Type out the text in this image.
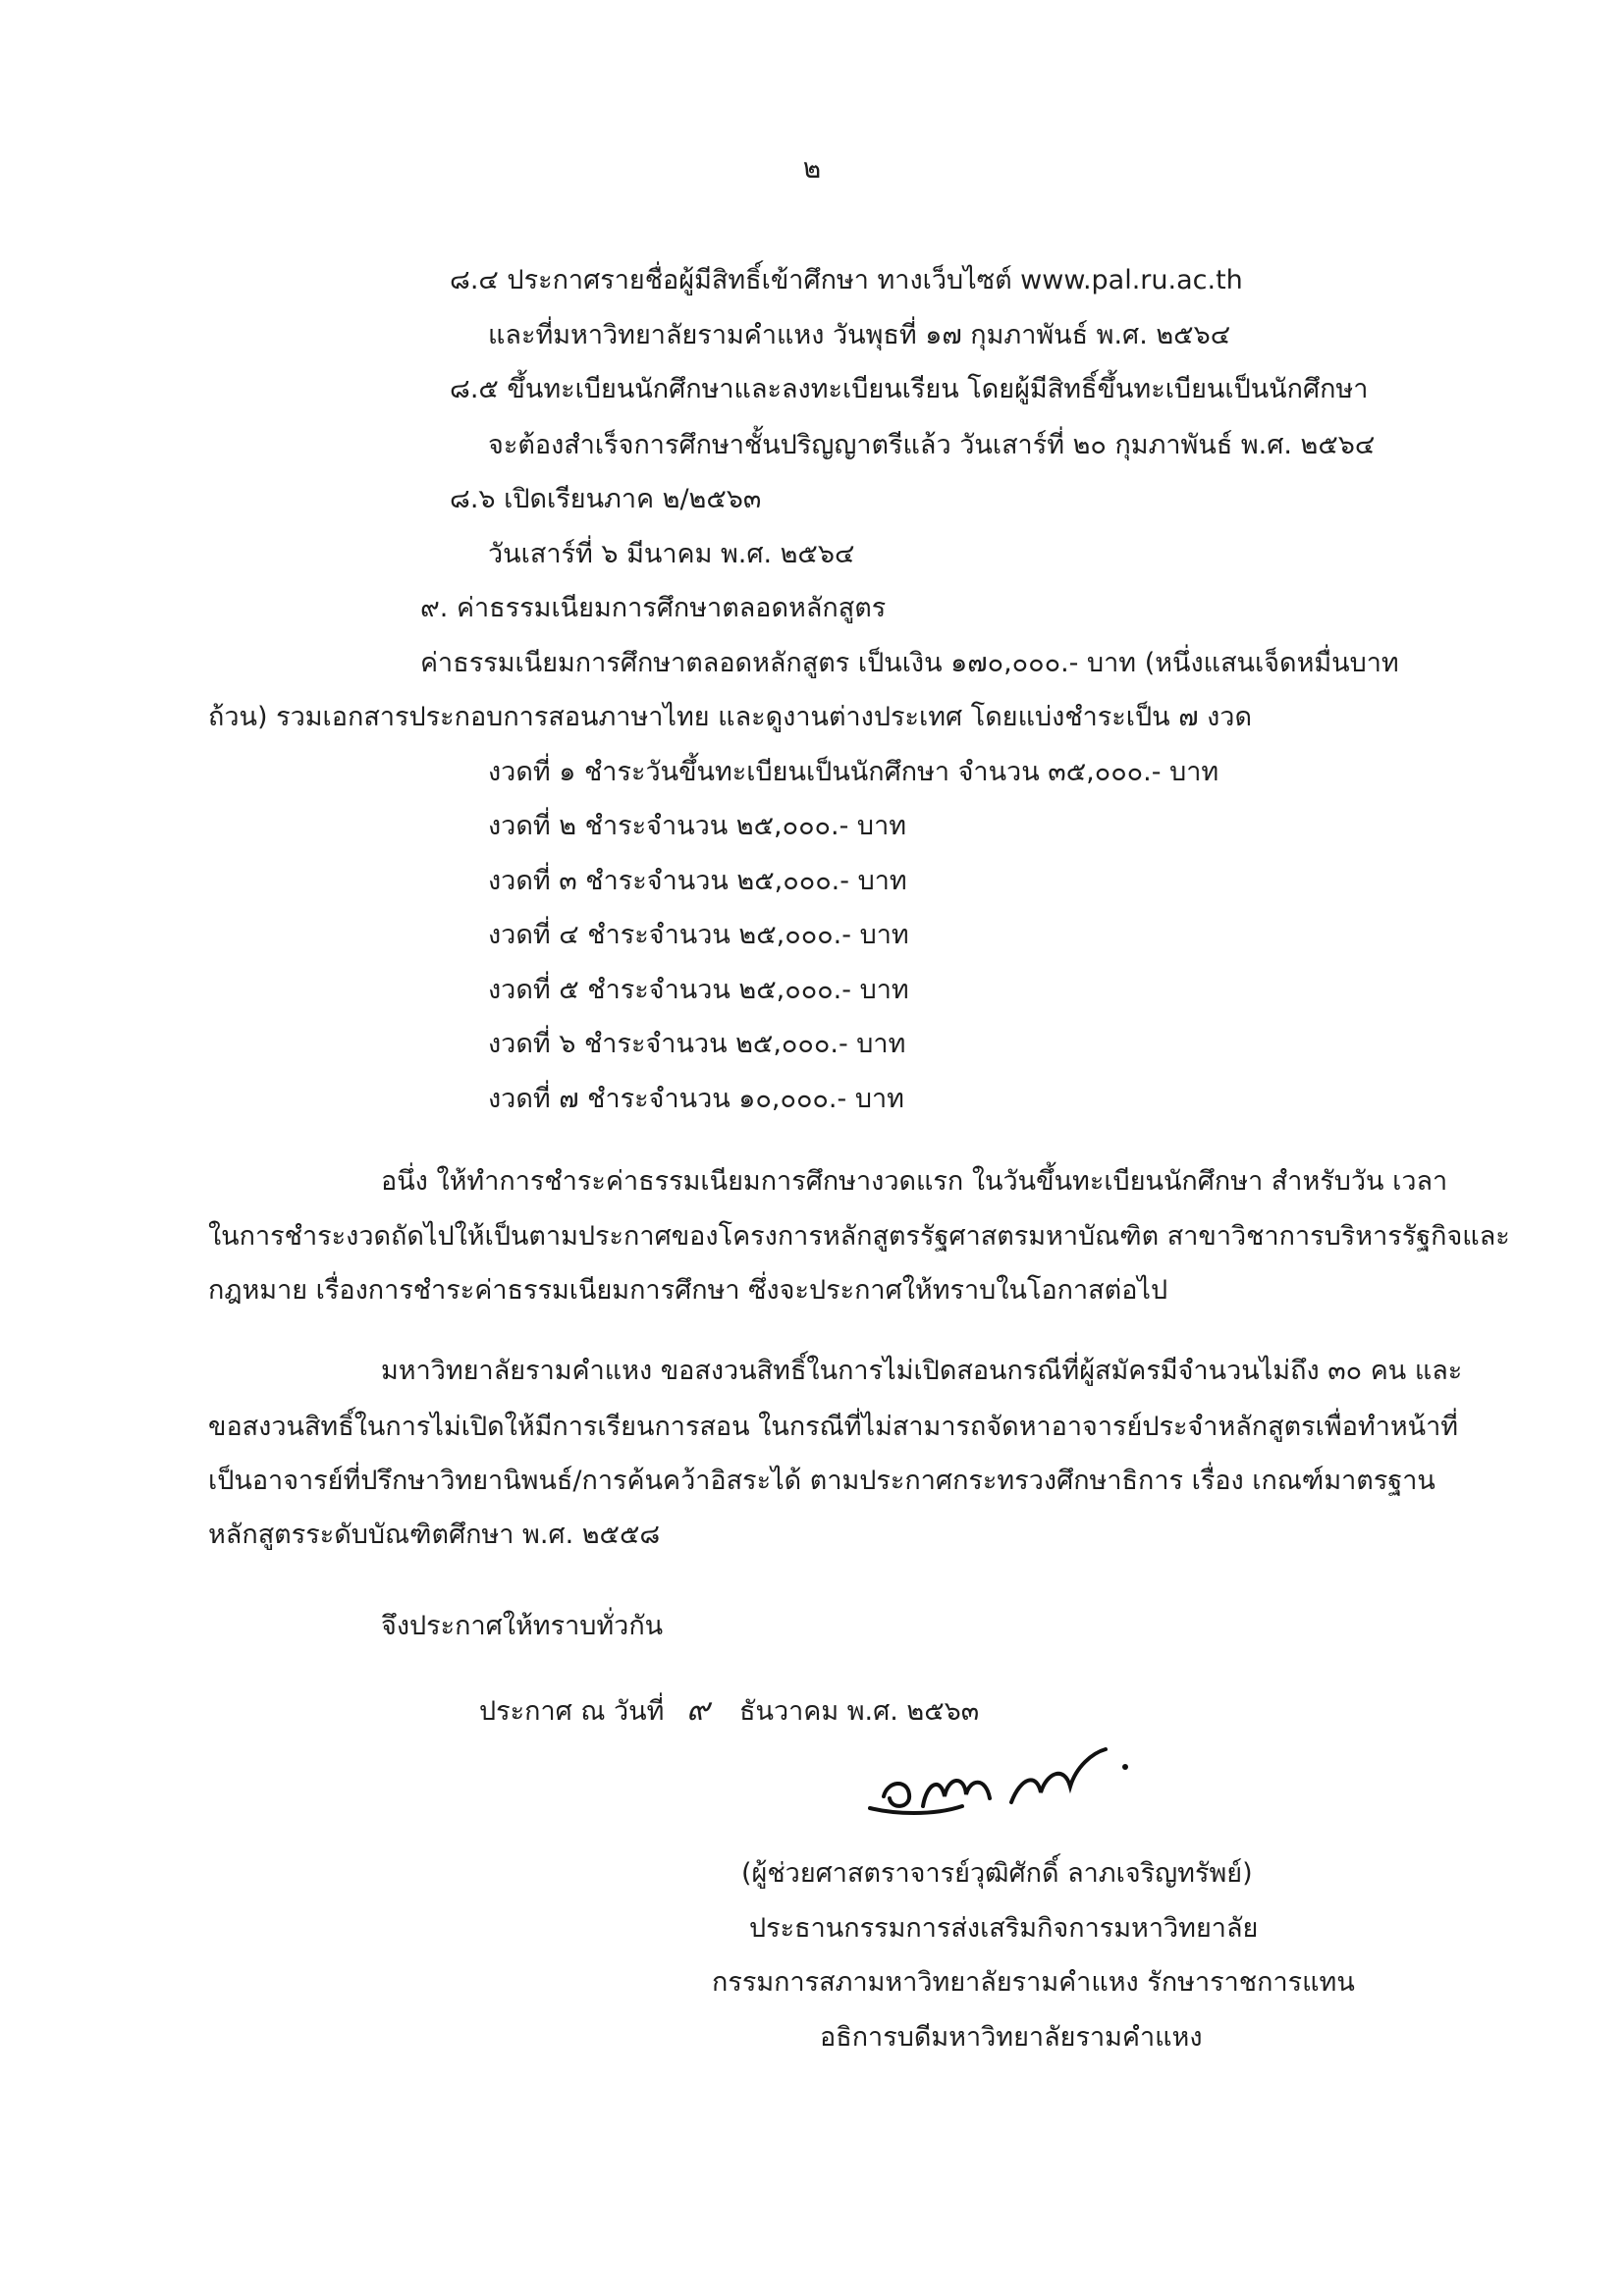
๒
๘.๔ ประกาศรายชื่อผู้มีสิทธิ์เข้าศึกษา ทางเว็บไซต์ www.pal.ru.ac.th
และที่มหาวิทยาลัยรามคำแหง วันพุธที่ ๑๗ กุมภาพันธ์ พ.ศ. ๒๕๖๔
๘.๕ ขึ้นทะเบียนนักศึกษาและลงทะเบียนเรียน โดยผู้มีสิทธิ์ขึ้นทะเบียนเป็นนักศึกษา
จะต้องสำเร็จการศึกษาชั้นปริญญาตรีแล้ว วันเสาร์ที่ ๒๐ กุมภาพันธ์ พ.ศ. ๒๕๖๔
๘.๖ เปิดเรียนภาค ๒/๒๕๖๓
วันเสาร์ที่ ๖ มีนาคม พ.ศ. ๒๕๖๔
๙. ค่าธรรมเนียมการศึกษาตลอดหลักสูตร
ค่าธรรมเนียมการศึกษาตลอดหลักสูตร เป็นเงิน ๑๗๐,๐๐๐.- บาท (หนึ่งแสนเจ็ดหมื่นบาท
ถ้วน) รวมเอกสารประกอบการสอนภาษาไทย และดูงานต่างประเทศ โดยแบ่งชำระเป็น ๗ งวด
งวดที่ ๑ ชำระวันขึ้นทะเบียนเป็นนักศึกษา จำนวน ๓๕,๐๐๐.- บาท
งวดที่ ๒ ชำระจำนวน ๒๕,๐๐๐.- บาท
งวดที่ ๓ ชำระจำนวน ๒๕,๐๐๐.- บาท
งวดที่ ๔ ชำระจำนวน ๒๕,๐๐๐.- บาท
งวดที่ ๕ ชำระจำนวน ๒๕,๐๐๐.- บาท
งวดที่ ๖ ชำระจำนวน ๒๕,๐๐๐.- บาท
งวดที่ ๗ ชำระจำนวน ๑๐,๐๐๐.- บาท
อนึ่ง ให้ทำการชำระค่าธรรมเนียมการศึกษางวดแรก ในวันขึ้นทะเบียนนักศึกษา สำหรับวัน เวลา
ในการชำระงวดถัดไปให้เป็นตามประกาศของโครงการหลักสูตรรัฐศาสตรมหาบัณฑิต สาขาวิชาการบริหารรัฐกิจและ
กฎหมาย เรื่องการชำระค่าธรรมเนียมการศึกษา ซึ่งจะประกาศให้ทราบในโอกาสต่อไป
มหาวิทยาลัยรามคำแหง ขอสงวนสิทธิ์ในการไม่เปิดสอนกรณีที่ผู้สมัครมีจำนวนไม่ถึง ๓๐ คน และ
ขอสงวนสิทธิ์ในการไม่เปิดให้มีการเรียนการสอน ในกรณีที่ไม่สามารถจัดหาอาจารย์ประจำหลักสูตรเพื่อทำหน้าที่
เป็นอาจารย์ที่ปรึกษาวิทยานิพนธ์/การค้นคว้าอิสระได้ ตามประกาศกระทรวงศึกษาธิการ เรื่อง เกณฑ์มาตรฐาน
หลักสูตรระดับบัณฑิตศึกษา พ.ศ. ๒๕๕๘
จึงประกาศให้ทราบทั่วกัน
ประกาศ ณ วันที่ ๙ ธันวาคม พ.ศ. ๒๕๖๓
(ผู้ช่วยศาสตราจารย์วุฒิศักดิ์ ลาภเจริญทรัพย์)
ประธานกรรมการส่งเสริมกิจการมหาวิทยาลัย
กรรมการสภามหาวิทยาลัยรามคำแหง รักษาราชการแทน
อธิการบดีมหาวิทยาลัยรามคำแหง
